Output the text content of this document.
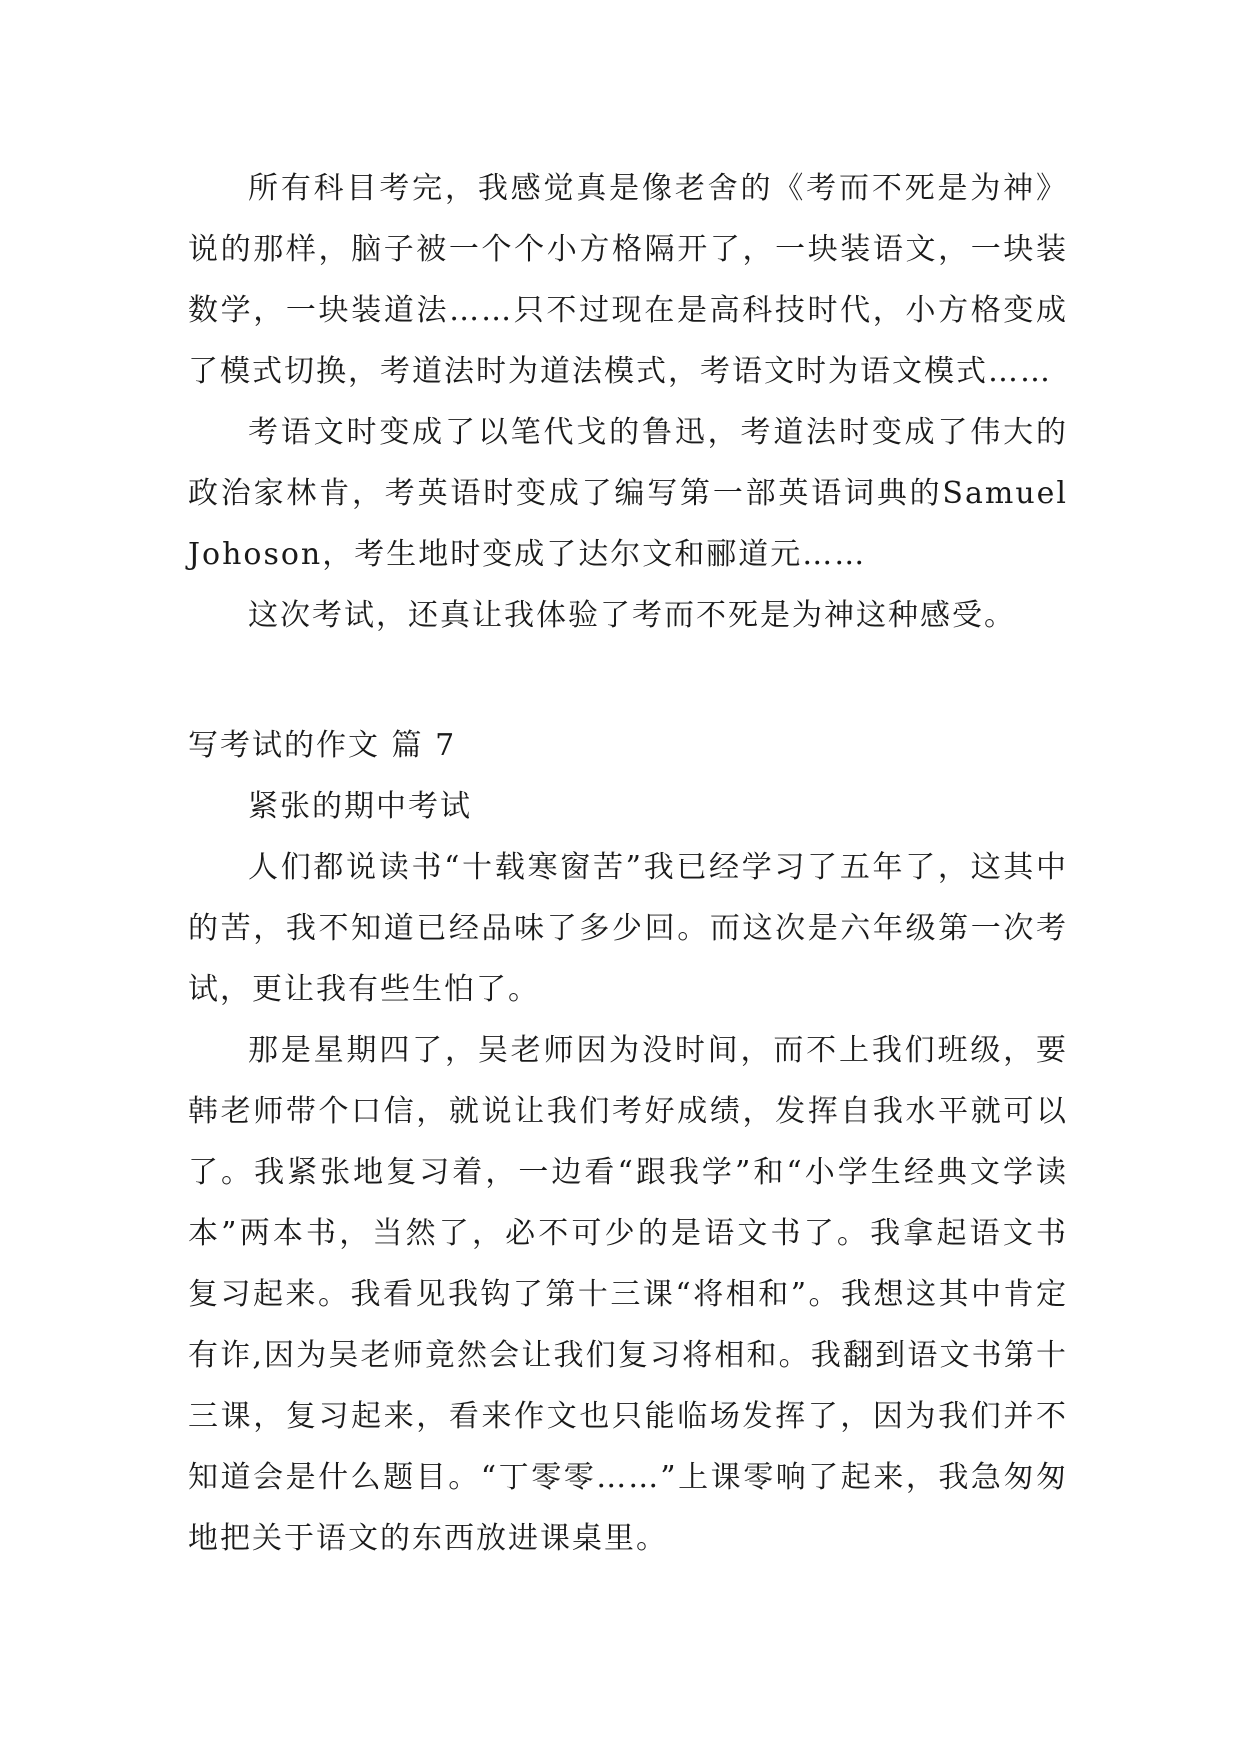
所有科目考完，我感觉真是像老舍的《考而不死是为神》说的那样，脑子被一个个小方格隔开了，一块装语文，一块装数学，一块装道法……只不过现在是高科技时代，小方格变成了模式切换，考道法时为道法模式，考语文时为语文模式……

考语文时变成了以笔代戈的鲁迅，考道法时变成了伟大的政治家林肯，考英语时变成了编写第一部英语词典的Samuel Johoson，考生地时变成了达尔文和郦道元……

这次考试，还真让我体验了考而不死是为神这种感受。

写考试的作文 篇 7

紧张的期中考试

人们都说读书“十载寒窗苦”我已经学习了五年了，这其中的苦，我不知道已经品味了多少回。而这次是六年级第一次考试，更让我有些生怕了。

那是星期四了，吴老师因为没时间，而不上我们班级，要韩老师带个口信，就说让我们考好成绩，发挥自我水平就可以了。我紧张地复习着，一边看“跟我学”和“小学生经典文学读本”两本书，当然了，必不可少的是语文书了。我拿起语文书复习起来。我看见我钩了第十三课“将相和”。我想这其中肯定有诈,因为吴老师竟然会让我们复习将相和。我翻到语文书第十三课，复习起来，看来作文也只能临场发挥了，因为我们并不知道会是什么题目。“丁零零……”上课零响了起来，我急匆匆地把关于语文的东西放进课桌里。
